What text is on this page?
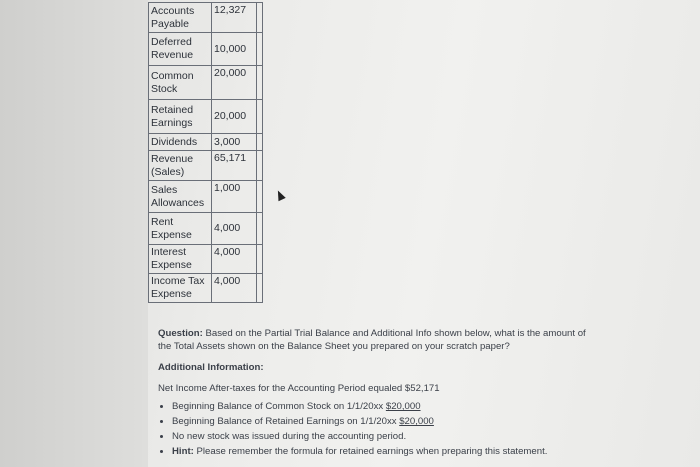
Accounts Payable	12,327	
Deferred Revenue	10,000	
Common Stock	20,000	
Retained Earnings	20,000	
Dividends	3,000	
Revenue (Sales)	65,171	
Sales Allowances	1,000	
Rent Expense	4,000	
Interest Expense	4,000	
Income Tax Expense	4,000	

Question: Based on the Partial Trial Balance and Additional Info shown below, what is the amount of the Total Assets shown on the Balance Sheet you prepared on your scratch paper?

Additional Information:

Net Income After-taxes for the Accounting Period equaled $52,171

• Beginning Balance of Common Stock on 1/1/20xx $20,000
• Beginning Balance of Retained Earnings on 1/1/20xx $20,000
• No new stock was issued during the accounting period.
• Hint: Please remember the formula for retained earnings when preparing this statement.
